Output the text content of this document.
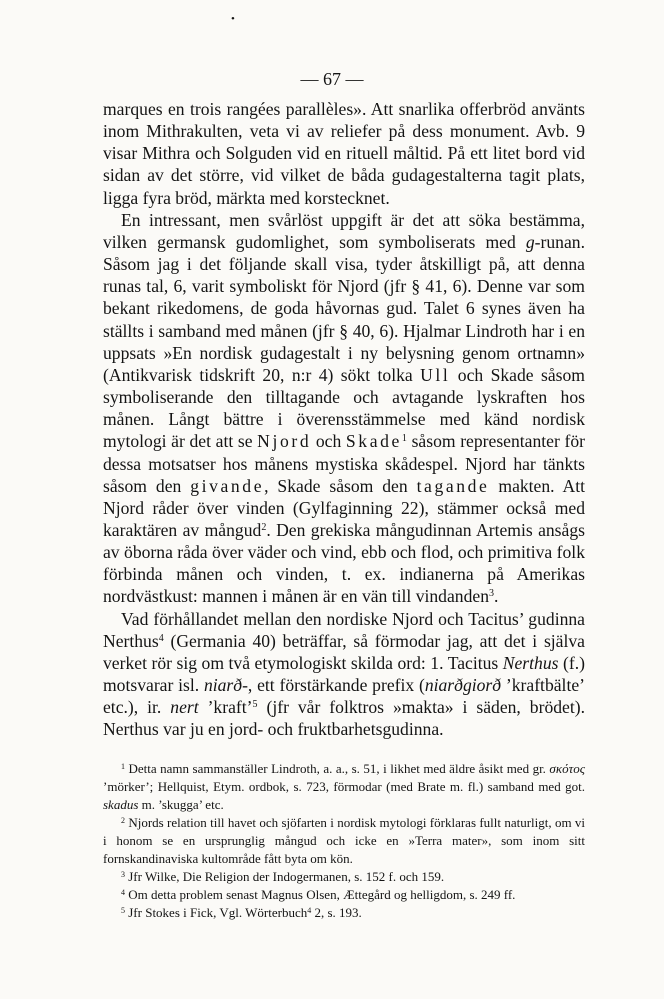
•
— 67 —

marques en trois rangées parallèles». Att snarlika offerbröd använts inom Mithrakulten, veta vi av reliefer på dess monument. Avb. 9 visar Mithra och Solguden vid en rituell måltid. På ett litet bord vid sidan av det större, vid vilket de båda gudagestalterna tagit plats, ligga fyra bröd, märkta med korstecknet.

En intressant, men svårlöst uppgift är det att söka bestämma, vilken germansk gudomlighet, som symboliserats med g-runan. Såsom jag i det följande skall visa, tyder åtskilligt på, att denna runas tal, 6, varit symboliskt för Njord (jfr § 41, 6). Denne var som bekant rikedomens, de goda håvornas gud. Talet 6 synes även ha ställts i samband med månen (jfr § 40, 6). Hjalmar Lindroth har i en uppsats »En nordisk gudagestalt i ny belysning genom ortnamn» (Antikvarisk tidskrift 20, n:r 4) sökt tolka Ull och Skade såsom symboliserande den tilltagande och avtagande lyskraften hos månen. Långt bättre i överensstämmelse med känd nordisk mytologi är det att se Njord och Skade$^1$ såsom representanter för dessa motsatser hos månens mystiska skådespel. Njord har tänkts såsom den givande, Skade såsom den tagande makten. Att Njord råder över vinden (Gylfaginning 22), stämmer också med karaktären av mångud$^2$. Den grekiska mångudinnan Artemis ansågs av öborna råda över väder och vind, ebb och flod, och primitiva folk förbinda månen och vinden, t. ex. indianerna på Amerikas nordvästkust: mannen i månen är en vän till vindanden$^3$.

Vad förhållandet mellan den nordiske Njord och Tacitus’ gudinna Nerthus$^4$ (Germania 40) beträffar, så förmodar jag, att det i själva verket rör sig om två etymologiskt skilda ord: 1. Tacitus Nerthus (f.) motsvarar isl. niarð-, ett förstärkande prefix (niarðgiorð ’kraftbälte’ etc.), ir. nert ’kraft’$^5$ (jfr vår folktros »makta» i säden, brödet). Nerthus var ju en jord- och fruktbarhetsgudinna.

$^1$ Detta namn sammanställer Lindroth, a. a., s. 51, i likhet med äldre åsikt med gr. σκότος ’mörker’; Hellquist, Etym. ordbok, s. 723, förmodar (med Brate m. fl.) samband med got. skadus m. ’skugga’ etc.

$^2$ Njords relation till havet och sjöfarten i nordisk mytologi förklaras fullt naturligt, om vi i honom se en ursprunglig mångud och icke en »Terra mater», som inom sitt fornskandinaviska kultområde fått byta om kön.

$^3$ Jfr Wilke, Die Religion der Indogermanen, s. 152 f. och 159.

$^4$ Om detta problem senast Magnus Olsen, Ættegård og helligdom, s. 249 ff.

$^5$ Jfr Stokes i Fick, Vgl. Wörterbuch$^4$ 2, s. 193.
